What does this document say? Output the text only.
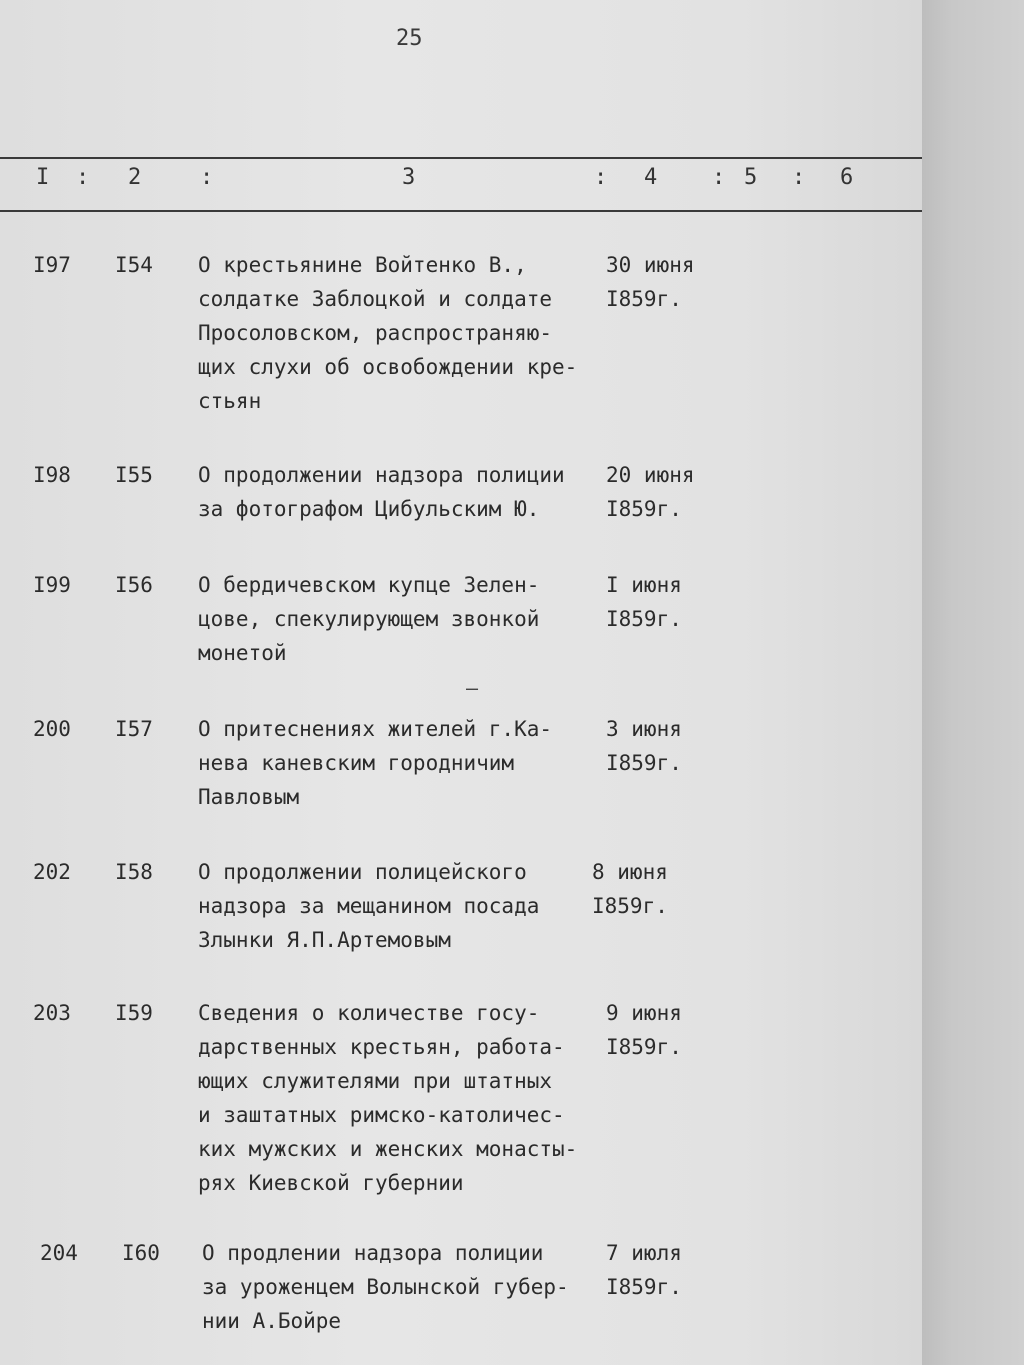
25
I : 2	:	3	: 4 : 5 : 6
I97	I54	О крестьянине Войтенко В.,
солдатке Заблоцкой и солдате
Просоловском, распространяю-
щих слухи об освобождении кре-
стьян
30 июня
I859г.
I98	I55	О продолжении надзора полиции
за фотографом Цибульским Ю.
20 июня
I859г.
I99	I56	О бердичевском купце Зелен-
цове, спекулирующем звонкой
монетой
I июня
I859г.
–
200	I57	О притеснениях жителей г.Ка-
нева каневским городничим
Павловым
3 июня
I859г.
202	I58	О продолжении полицейского
надзора за мещанином посада
Злынки Я.П.Артемовым
8 июня
I859г.
203	I59	Сведения о количестве госу-
дарственных крестьян, работа-
ющих служителями при штатных
и заштатных римско-католичес-
ких мужских и женских монасты-
рях Киевской губернии
9 июня
I859г.
204	I60	О продлении надзора полиции
за уроженцем Волынской губер-
нии А.Бойре
7 июля
I859г.
